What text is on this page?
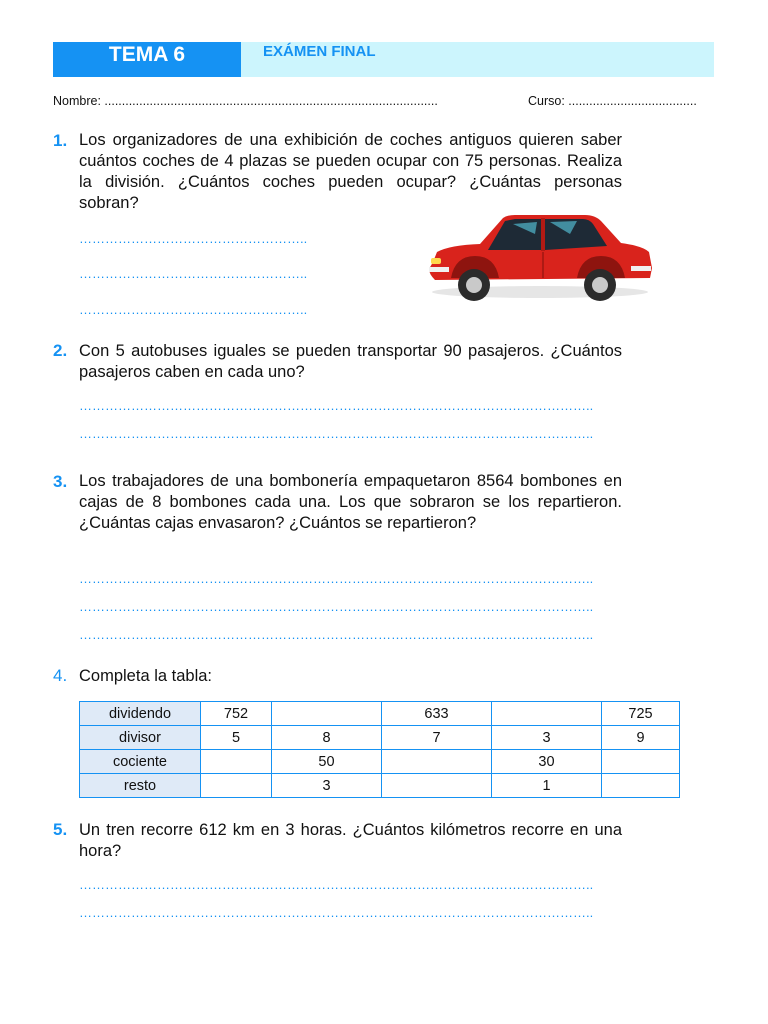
TEMA 6	EXÁMEN FINAL
Nombre: ................................................................................................	Curso: .....................................
1. Los organizadores de una exhibición de coches antiguos quieren saber cuántos coches de 4 plazas se pueden ocupar con 75 personas. Realiza la división. ¿Cuántos coches pueden ocupar? ¿Cuántas personas sobran?
……………………………………………..
……………………………………………..
……………………………………………..
2. Con 5 autobuses iguales se pueden transportar 90 pasajeros. ¿Cuántos pasajeros caben en cada uno?
………………………………………………………………………………………………………..
………………………………………………………………………………………………………..
3. Los trabajadores de una bombonería empaquetaron 8564 bombones en cajas de 8 bombones cada una. Los que sobraron se los repartieron. ¿Cuántas cajas envasaron? ¿Cuántos se repartieron?
………………………………………………………………………………………………………..
………………………………………………………………………………………………………..
………………………………………………………………………………………………………..
4. Completa la tabla:
dividendo	752		633		725
divisor	5	8	7	3	9
cociente		50		30	
resto		3		1	
5. Un tren recorre 612 km en 3 horas. ¿Cuántos kilómetros recorre en una hora?
………………………………………………………………………………………………………..
………………………………………………………………………………………………………..
